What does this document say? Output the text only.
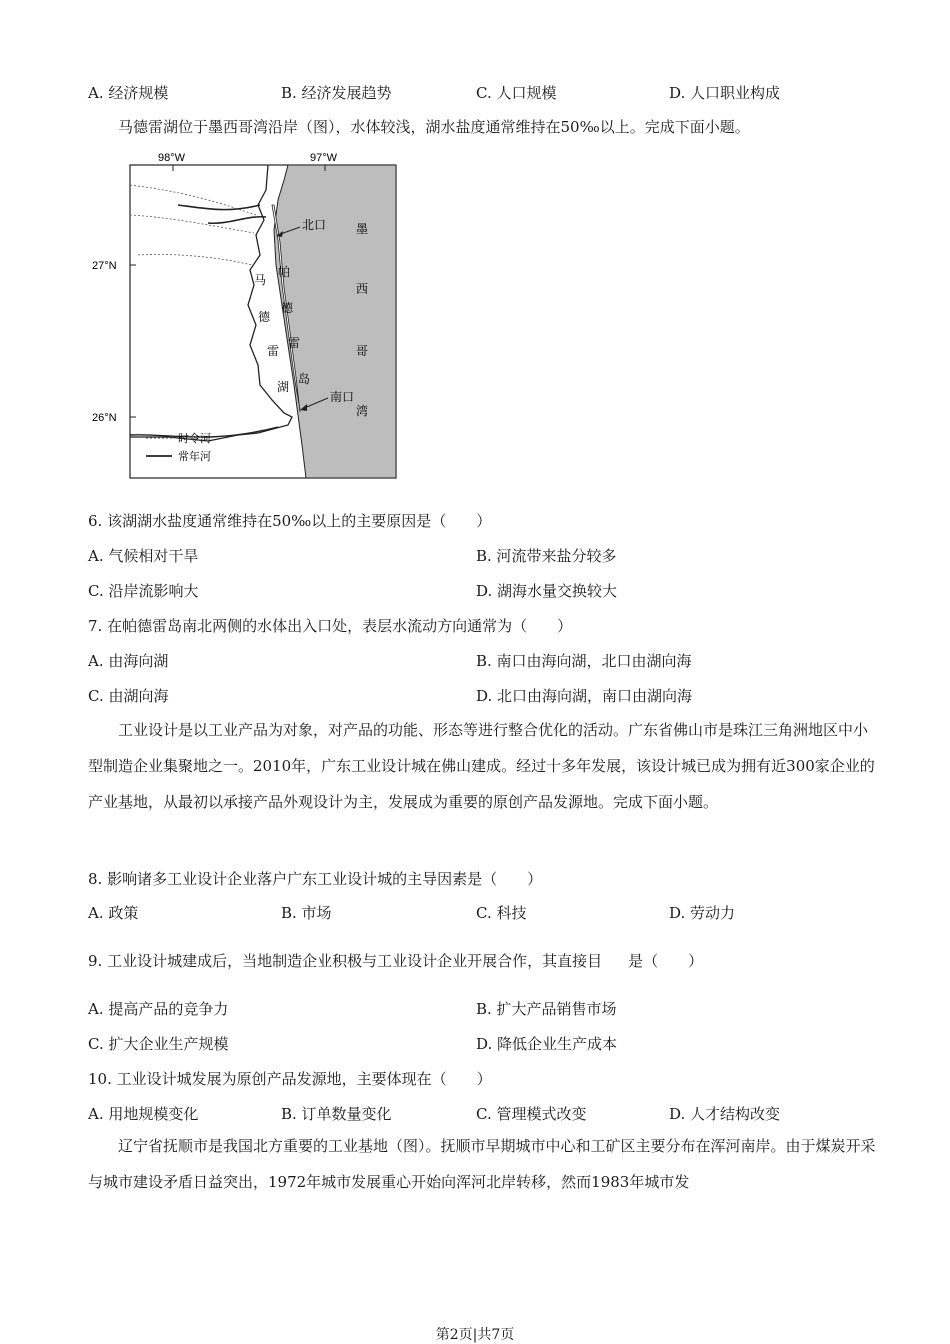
A. 经济规模	B. 经济发展趋势	C. 人口规模	D. 人口职业构成
马德雷湖位于墨西哥湾沿岸（图），水体较浅，湖水盐度通常维持在50‰以上。完成下面小题。
98°W	97°W
27°N
26°N
北口
南口
墨
西
哥
湾
帕
德
雷
岛
马
德
雷
湖
时令河
常年河
6. 该湖湖水盐度通常维持在50‰以上的主要原因是（　　）
A. 气候相对干旱	B. 河流带来盐分较多
C. 沿岸流影响大	D. 湖海水量交换较大
7. 在帕德雷岛南北两侧的水体出入口处，表层水流动方向通常为（　　）
A. 由海向湖	B. 南口由海向湖，北口由湖向海
C. 由湖向海	D. 北口由海向湖，南口由湖向海
工业设计是以工业产品为对象，对产品的功能、形态等进行整合优化的活动。广东省佛山市是珠江三角洲地区中小型制造企业集聚地之一。2010年，广东工业设计城在佛山建成。经过十多年发展，该设计城已成为拥有近300家企业的产业基地，从最初以承接产品外观设计为主，发展成为重要的原创产品发源地。完成下面小题。
8. 影响诸多工业设计企业落户广东工业设计城的主导因素是（　　）
A. 政策	B. 市场	C. 科技	D. 劳动力
9. 工业设计城建成后，当地制造企业积极与工业设计企业开展合作，其直接目 是（　　）
A. 提高产品的竞争力	B. 扩大产品销售市场
C. 扩大企业生产规模	D. 降低企业生产成本
10. 工业设计城发展为原创产品发源地，主要体现在（　　）
A. 用地规模变化	B. 订单数量变化	C. 管理模式改变	D. 人才结构改变
辽宁省抚顺市是我国北方重要的工业基地（图）。抚顺市早期城市中心和工矿区主要分布在浑河南岸。由于煤炭开采与城市建设矛盾日益突出，1972年城市发展重心开始向浑河北岸转移，然而1983年城市发
第2页|共7页
